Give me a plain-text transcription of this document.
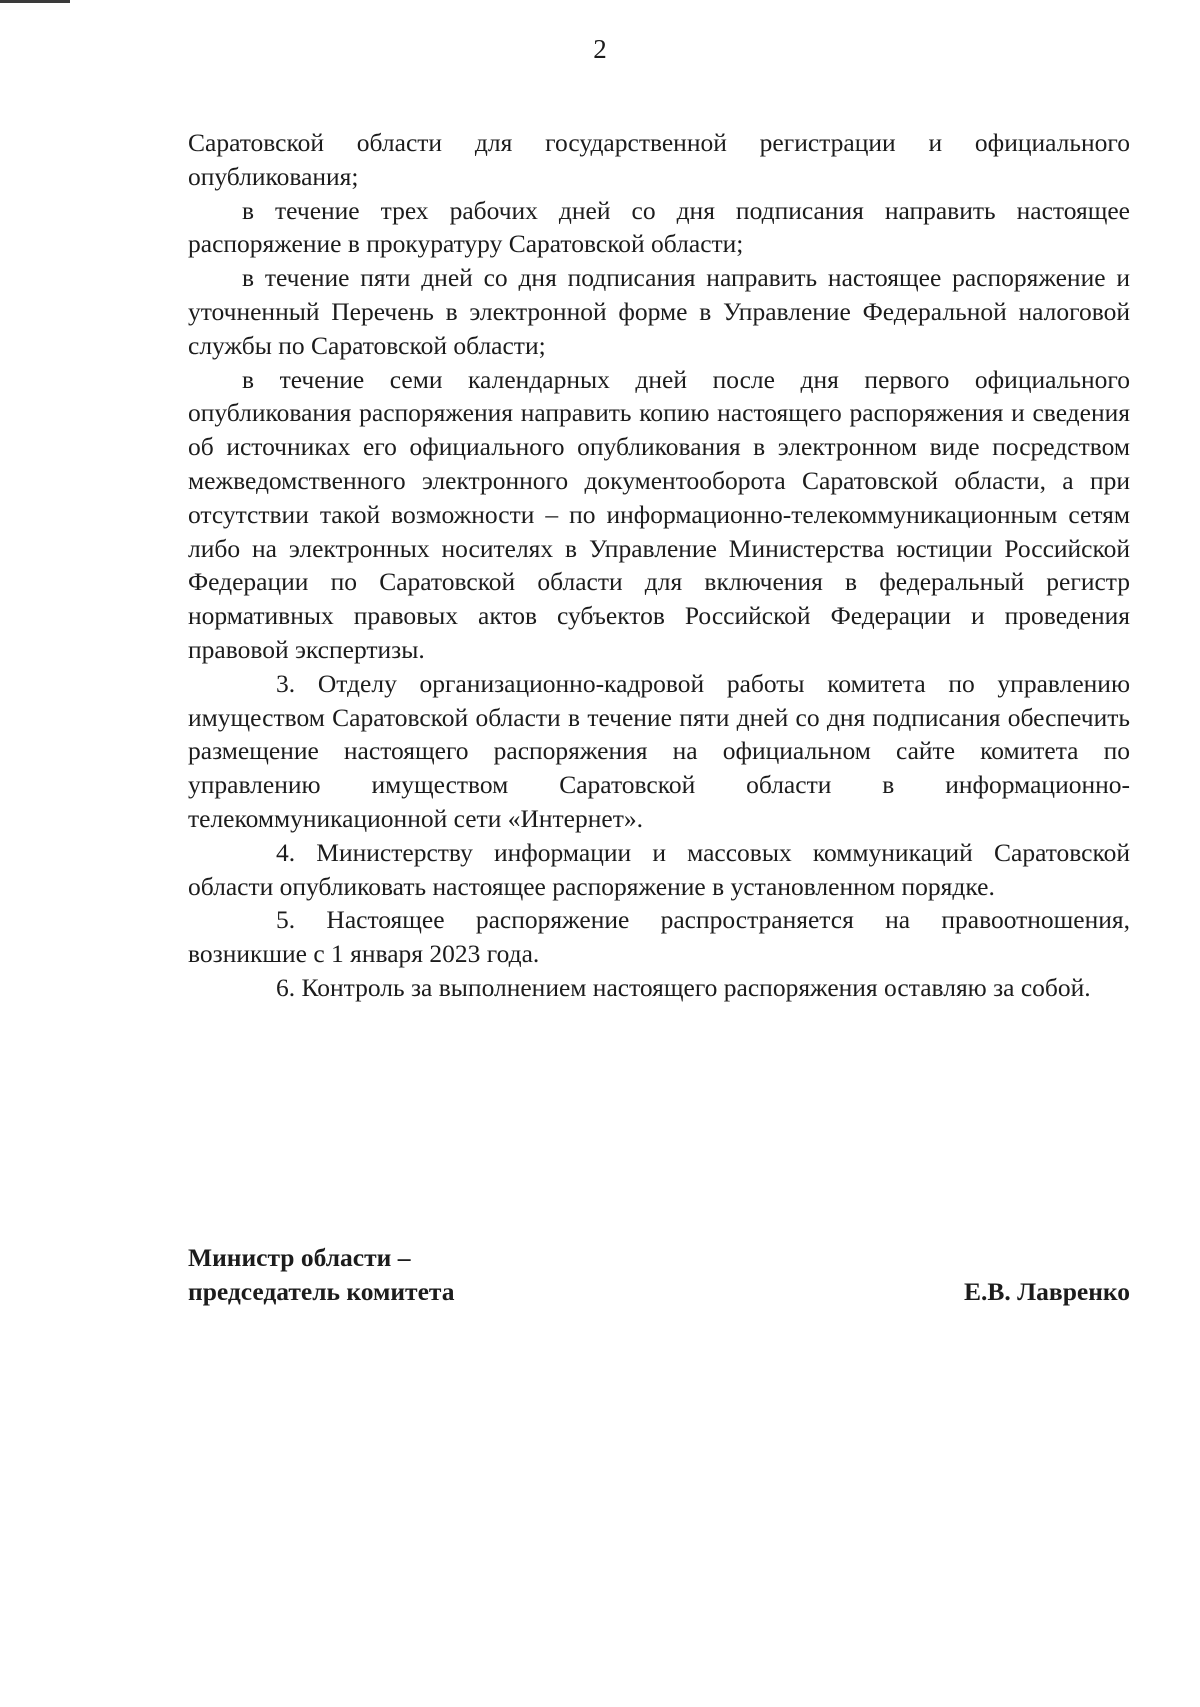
2

Саратовской области для государственной регистрации и официального опубликования;

в течение трех рабочих дней со дня подписания направить настоящее распоряжение в прокуратуру Саратовской области;

в течение пяти дней со дня подписания направить настоящее распоряжение и уточненный Перечень в электронной форме в Управление Федеральной налоговой службы по Саратовской области;

в течение семи календарных дней после дня первого официального опубликования распоряжения направить копию настоящего распоряжения и сведения об источниках его официального опубликования в электронном виде посредством межведомственного электронного документооборота Саратовской области, а при отсутствии такой возможности – по информационно-телекоммуникационным сетям либо на электронных носителях в Управление Министерства юстиции Российской Федерации по Саратовской области для включения в федеральный регистр нормативных правовых актов субъектов Российской Федерации и проведения правовой экспертизы.

3. Отделу организационно-кадровой работы комитета по управлению имуществом Саратовской области в течение пяти дней со дня подписания обеспечить размещение настоящего распоряжения на официальном сайте комитета по управлению имуществом Саратовской области в информационно-телекоммуникационной сети «Интернет».

4. Министерству информации и массовых коммуникаций Саратовской области опубликовать настоящее распоряжение в установленном порядке.

5. Настоящее распоряжение распространяется на правоотношения, возникшие с 1 января 2023 года.

6. Контроль за выполнением настоящего распоряжения оставляю за собой.

Министр области –
председатель комитета	Е.В. Лавренко
